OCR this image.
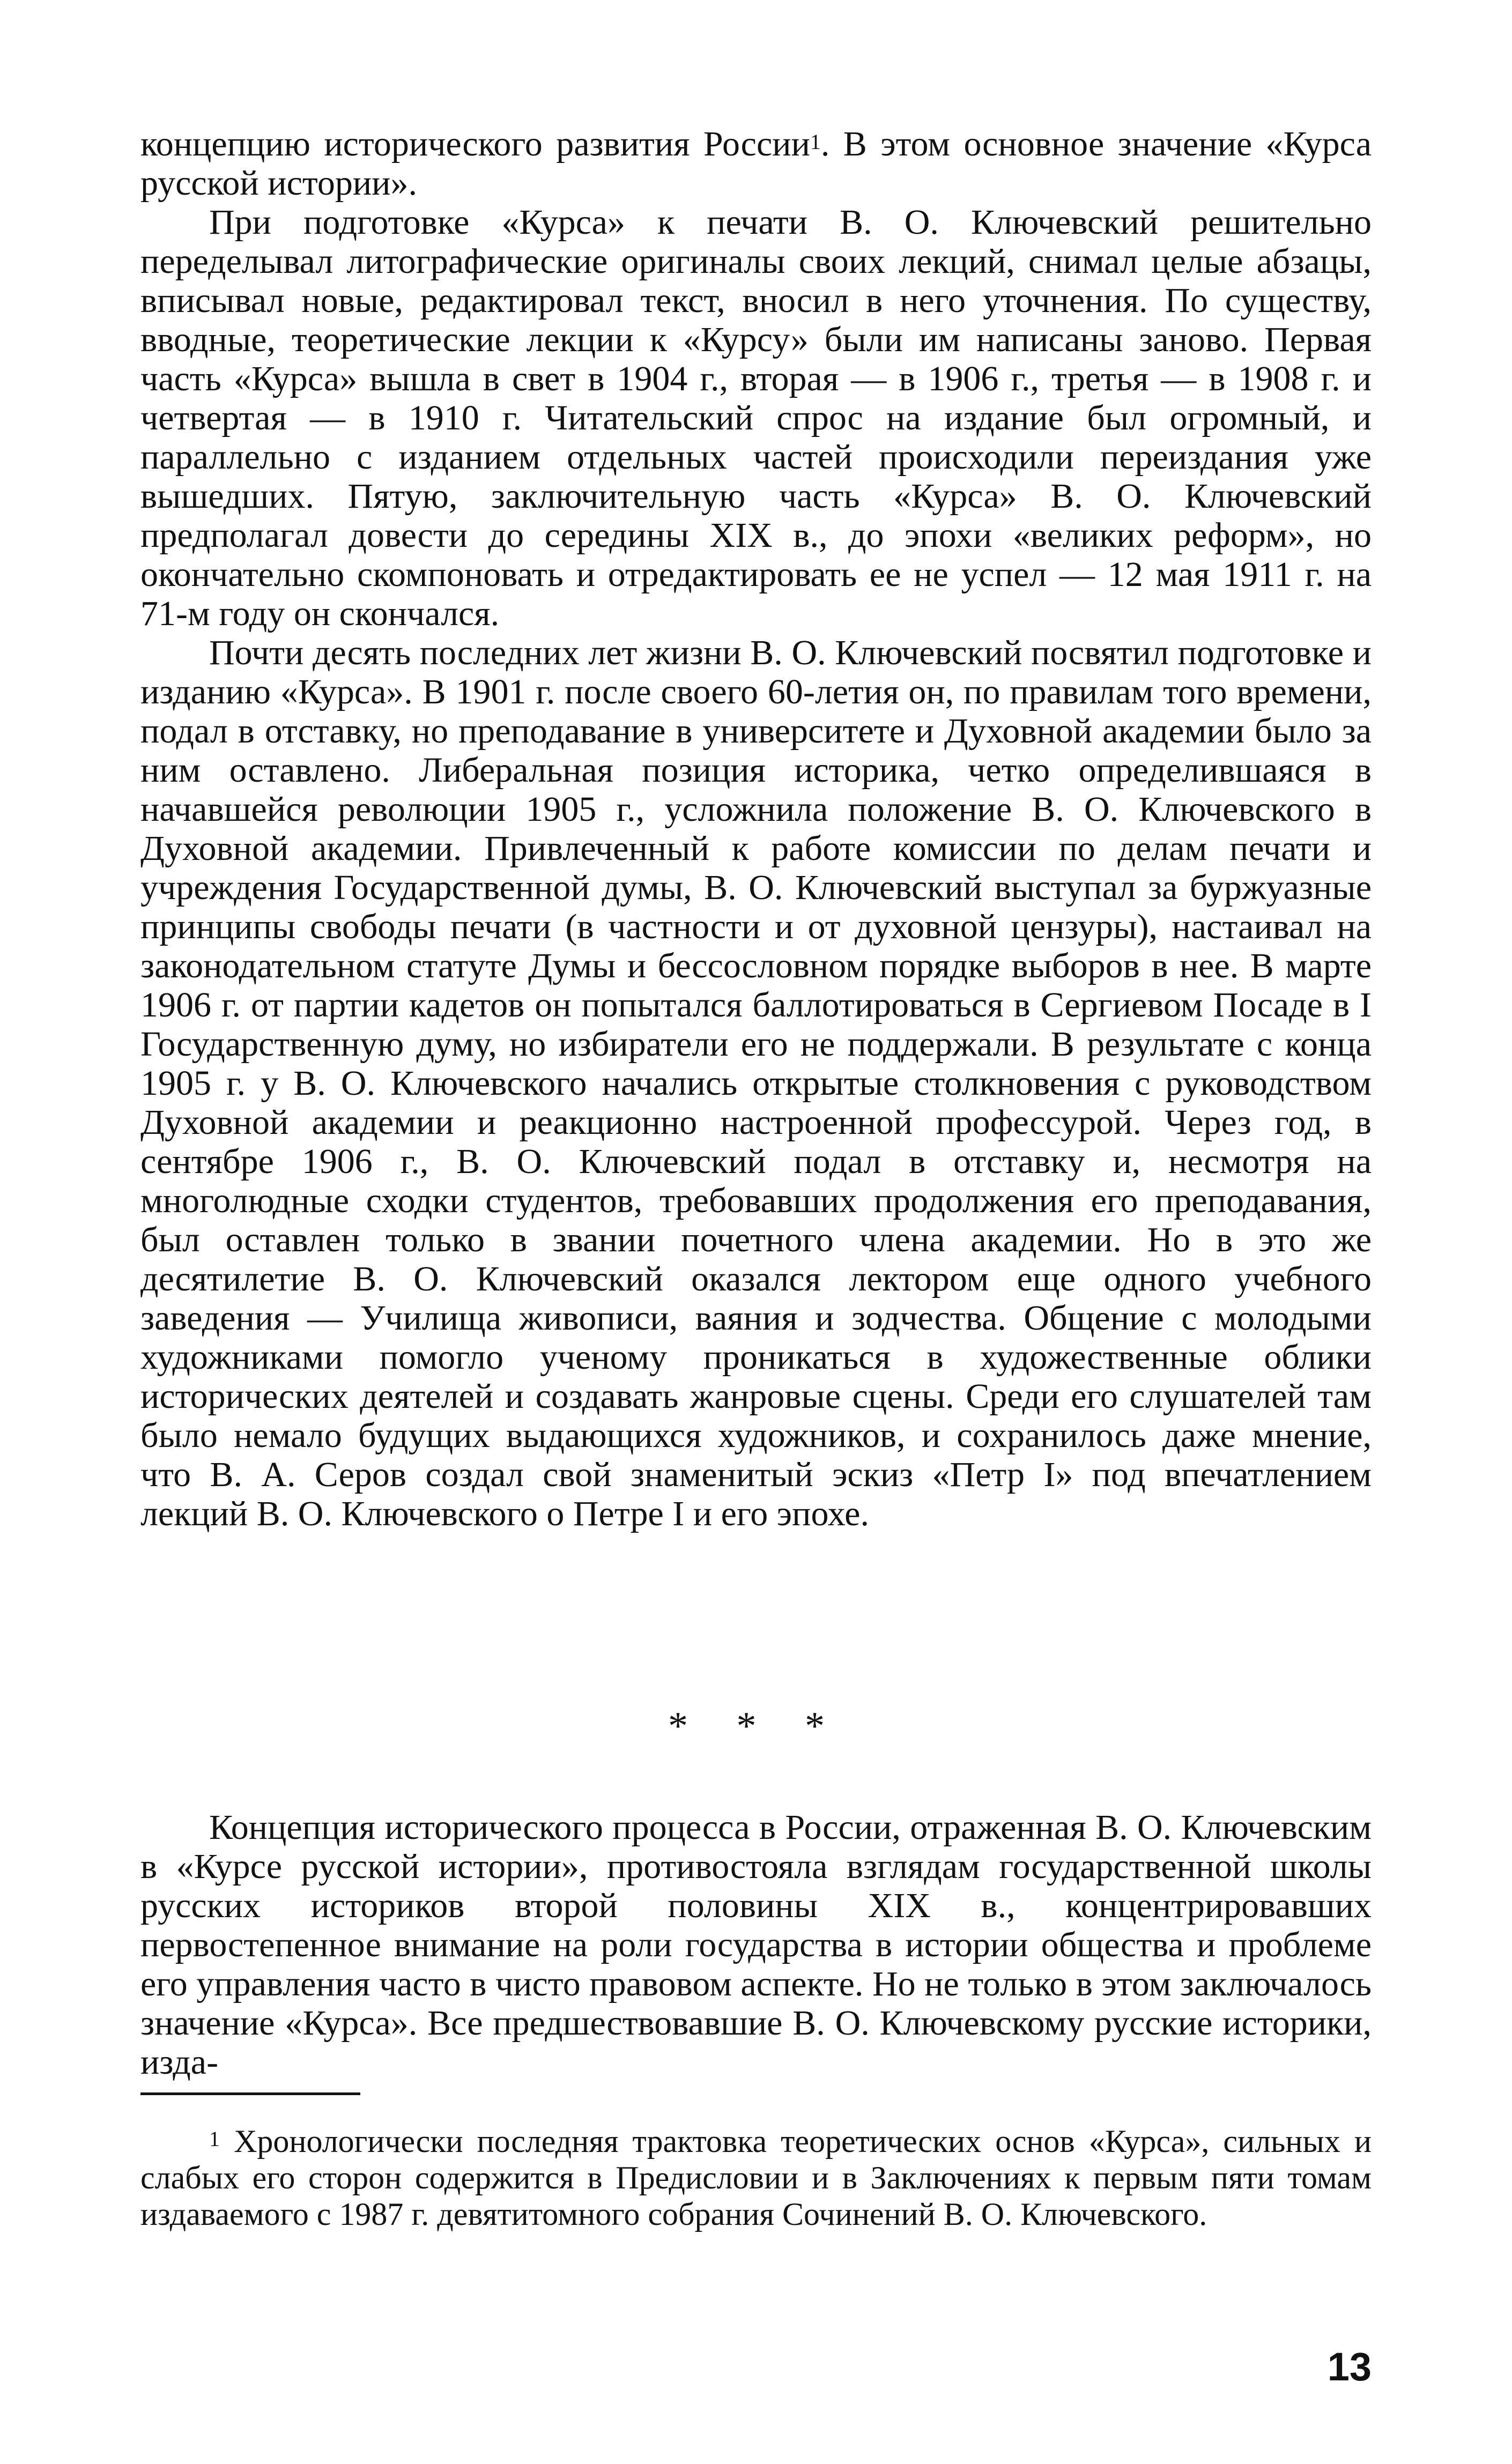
концепцию исторического развития России$^1$. В этом основное значение «Курса русской истории».

При подготовке «Курса» к печати В. О. Ключевский решительно переделывал литографические оригиналы своих лекций, снимал целые абзацы, вписывал новые, редактировал текст, вносил в него уточнения. По существу, вводные, теоретические лекции к «Курсу» были им написаны заново. Первая часть «Курса» вышла в свет в 1904 г., вторая — в 1906 г., третья — в 1908 г. и четвертая — в 1910 г. Читательский спрос на издание был огромный, и параллельно с изданием отдельных частей происходили переиздания уже вышедших. Пятую, заключительную часть «Курса» В. О. Ключевский предполагал довести до середины XIX в., до эпохи «великих реформ», но окончательно скомпоновать и отредактировать ее не успел — 12 мая 1911 г. на 71-м году он скончался.

Почти десять последних лет жизни В. О. Ключевский посвятил подготовке и изданию «Курса». В 1901 г. после своего 60-летия он, по правилам того времени, подал в отставку, но преподавание в университете и Духовной академии было за ним оставлено. Либеральная позиция историка, четко определившаяся в начавшейся революции 1905 г., усложнила положение В. О. Ключевского в Духовной академии. Привлеченный к работе комиссии по делам печати и учреждения Государственной думы, В. О. Ключевский выступал за буржуазные принципы свободы печати (в частности и от духовной цензуры), настаивал на законодательном статуте Думы и бессословном порядке выборов в нее. В марте 1906 г. от партии кадетов он попытался баллотироваться в Сергиевом Посаде в I Государственную думу, но избиратели его не поддержали. В результате с конца 1905 г. у В. О. Ключевского начались открытые столкновения с руководством Духовной академии и реакционно настроенной профессурой. Через год, в сентябре 1906 г., В. О. Ключевский подал в отставку и, несмотря на многолюдные сходки студентов, требовавших продолжения его преподавания, был оставлен только в звании почетного члена академии. Но в это же десятилетие В. О. Ключевский оказался лектором еще одного учебного заведения — Училища живописи, ваяния и зодчества. Общение с молодыми художниками помогло ученому проникаться в художественные облики исторических деятелей и создавать жанровые сцены. Среди его слушателей там было немало будущих выдающихся художников, и сохранилось даже мнение, что В. А. Серов создал свой знаменитый эскиз «Петр I» под впечатлением лекций В. О. Ключевского о Петре I и его эпохе.

* * *

Концепция исторического процесса в России, отраженная В. О. Ключевским в «Курсе русской истории», противостояла взглядам государственной школы русских историков второй половины XIX в., концентрировавших первостепенное внимание на роли государства в истории общества и проблеме его управления часто в чисто правовом аспекте. Но не только в этом заключалось значение «Курса». Все предшествовавшие В. О. Ключевскому русские историки, изда-

$^1$ Хронологически последняя трактовка теоретических основ «Курса», сильных и слабых его сторон содержится в Предисловии и в Заключениях к первым пяти томам издаваемого с 1987 г. девятитомного собрания Сочинений В. О. Ключевского.

13
